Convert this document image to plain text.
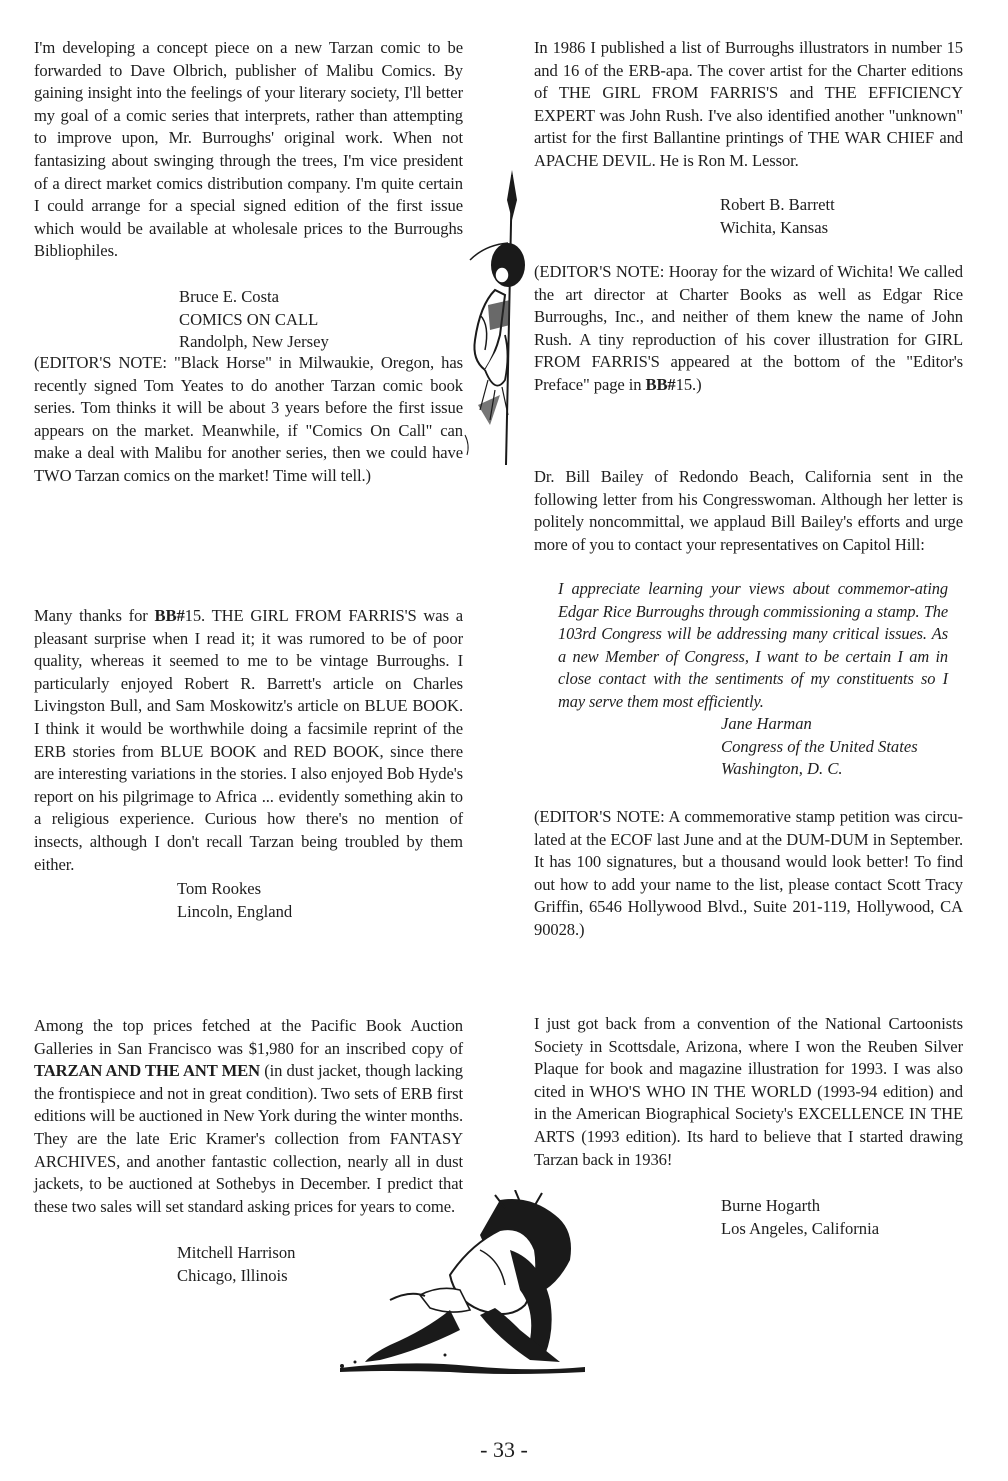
I'm developing a concept piece on a new Tarzan comic to be forwarded to Dave Olbrich, publisher of Malibu Comics. By gaining insight into the feelings of your literary society, I'll better my goal of a comic series that interprets, rather than attempting to improve upon, Mr. Burroughs' original work. When not fantasizing about swinging through the trees, I'm vice president of a direct market comics distribution company. I'm quite certain I could arrange for a special signed edition of the first issue which would be available at wholesale prices to the Burroughs Bibliophiles.

Bruce E. Costa
COMICS ON CALL
Randolph, New Jersey

(EDITOR'S NOTE: "Black Horse" in Milwaukie, Oregon, has recently signed Tom Yeates to do another Tarzan comic book series. Tom thinks it will be about 3 years before the first issue appears on the market. Meanwhile, if "Comics On Call" can make a deal with Malibu for another series, then we could have TWO Tarzan comics on the market! Time will tell.)

Many thanks for BB#15. THE GIRL FROM FARRIS'S was a pleasant surprise when I read it; it was rumored to be of poor quality, whereas it seemed to me to be vintage Burroughs. I particularly enjoyed Robert R. Barrett's article on Charles Livingston Bull, and Sam Moskowitz's article on BLUE BOOK. I think it would be worthwhile doing a facsimile reprint of the ERB stories from BLUE BOOK and RED BOOK, since there are interesting variations in the stories. I also enjoyed Bob Hyde's report on his pilgrimage to Africa ... evidently something akin to a religious experience. Curious how there's no mention of insects, although I don't recall Tarzan being troubled by them either.

Tom Rookes
Lincoln, England

Among the top prices fetched at the Pacific Book Auction Galleries in San Francisco was $1,980 for an inscribed copy of TARZAN AND THE ANT MEN (in dust jacket, though lacking the frontispiece and not in great condition). Two sets of ERB first editions will be auctioned in New York during the winter months. They are the late Eric Kramer's collection from FANTASY ARCHIVES, and another fantastic collection, nearly all in dust jackets, to be auctioned at Sothebys in December. I predict that these two sales will set standard asking prices for years to come.

Mitchell Harrison
Chicago, Illinois

In 1986 I published a list of Burroughs illustrators in number 15 and 16 of the ERB-apa. The cover artist for the Charter editions of THE GIRL FROM FARRIS'S and THE EFFICIENCY EXPERT was John Rush. I've also identified another "unknown" artist for the first Ballantine printings of THE WAR CHIEF and APACHE DEVIL. He is Ron M. Lessor.

Robert B. Barrett
Wichita, Kansas

(EDITOR'S NOTE: Hooray for the wizard of Wichita! We called the art director at Charter Books as well as Edgar Rice Burroughs, Inc., and neither of them knew the name of John Rush. A tiny reproduction of his cover illustration for GIRL FROM FARRIS'S appeared at the bottom of the "Editor's Preface" page in BB#15.)

Dr. Bill Bailey of Redondo Beach, California sent in the following letter from his Congresswoman. Although her letter is politely noncommittal, we applaud Bill Bailey's efforts and urge more of you to contact your representatives on Capitol Hill:

I appreciate learning your views about commemor-ating Edgar Rice Burroughs through commissioning a stamp. The 103rd Congress will be addressing many critical issues. As a new Member of Congress, I want to be certain I am in close contact with the sentiments of my constituents so I may serve them most efficiently.

Jane Harman
Congress of the United States
Washington, D. C.

(EDITOR'S NOTE: A commemorative stamp petition was circu-lated at the ECOF last June and at the DUM-DUM in September. It has 100 signatures, but a thousand would look better! To find out how to add your name to the list, please contact Scott Tracy Griffin, 6546 Hollywood Blvd., Suite 201-119, Hollywood, CA 90028.)

I just got back from a convention of the National Cartoonists Society in Scottsdale, Arizona, where I won the Reuben Silver Plaque for book and magazine illustration for 1993. I was also cited in WHO'S WHO IN THE WORLD (1993-94 edition) and in the American Biographical Society's EXCELLENCE IN THE ARTS (1993 edition). Its hard to believe that I started drawing Tarzan back in 1936!

Burne Hogarth
Los Angeles, California
- 33 -
